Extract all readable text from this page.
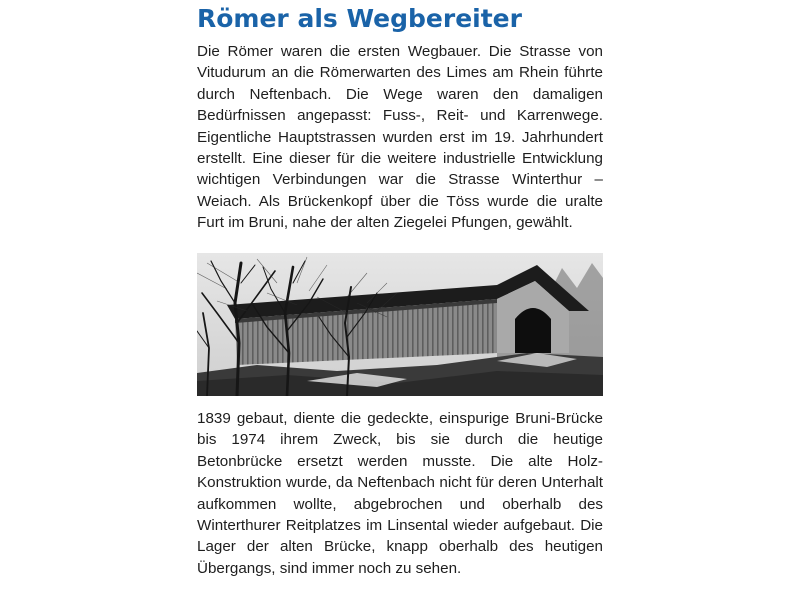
Römer als Wegbereiter

Die Römer waren die ersten Wegbauer. Die Strasse von Vitudurum an die Römerwarten des Limes am Rhein führte durch Neftenbach. Die Wege waren den damaligen Bedürfnissen angepasst: Fuss-, Reit- und Karrenwege. Eigentliche Hauptstrassen wurden erst im 19. Jahrhundert erstellt. Eine dieser für die weitere industrielle Entwicklung wichtigen Verbindungen war die Strasse Winterthur – Weiach. Als Brückenkopf über die Töss wurde die uralte Furt im Bruni, nahe der alten Ziegelei Pfungen, gewählt.

1839 gebaut, diente die gedeckte, einspurige Bruni-Brücke bis 1974 ihrem Zweck, bis sie durch die heutige Betonbrücke ersetzt werden musste. Die alte Holz-Konstruktion wurde, da Neftenbach nicht für deren Unterhalt aufkommen wollte, abgebrochen und oberhalb des Winterthurer Reitplatzes im Linsental wieder aufgebaut. Die Lager der alten Brücke, knapp oberhalb des heutigen Übergangs, sind immer noch zu sehen.
